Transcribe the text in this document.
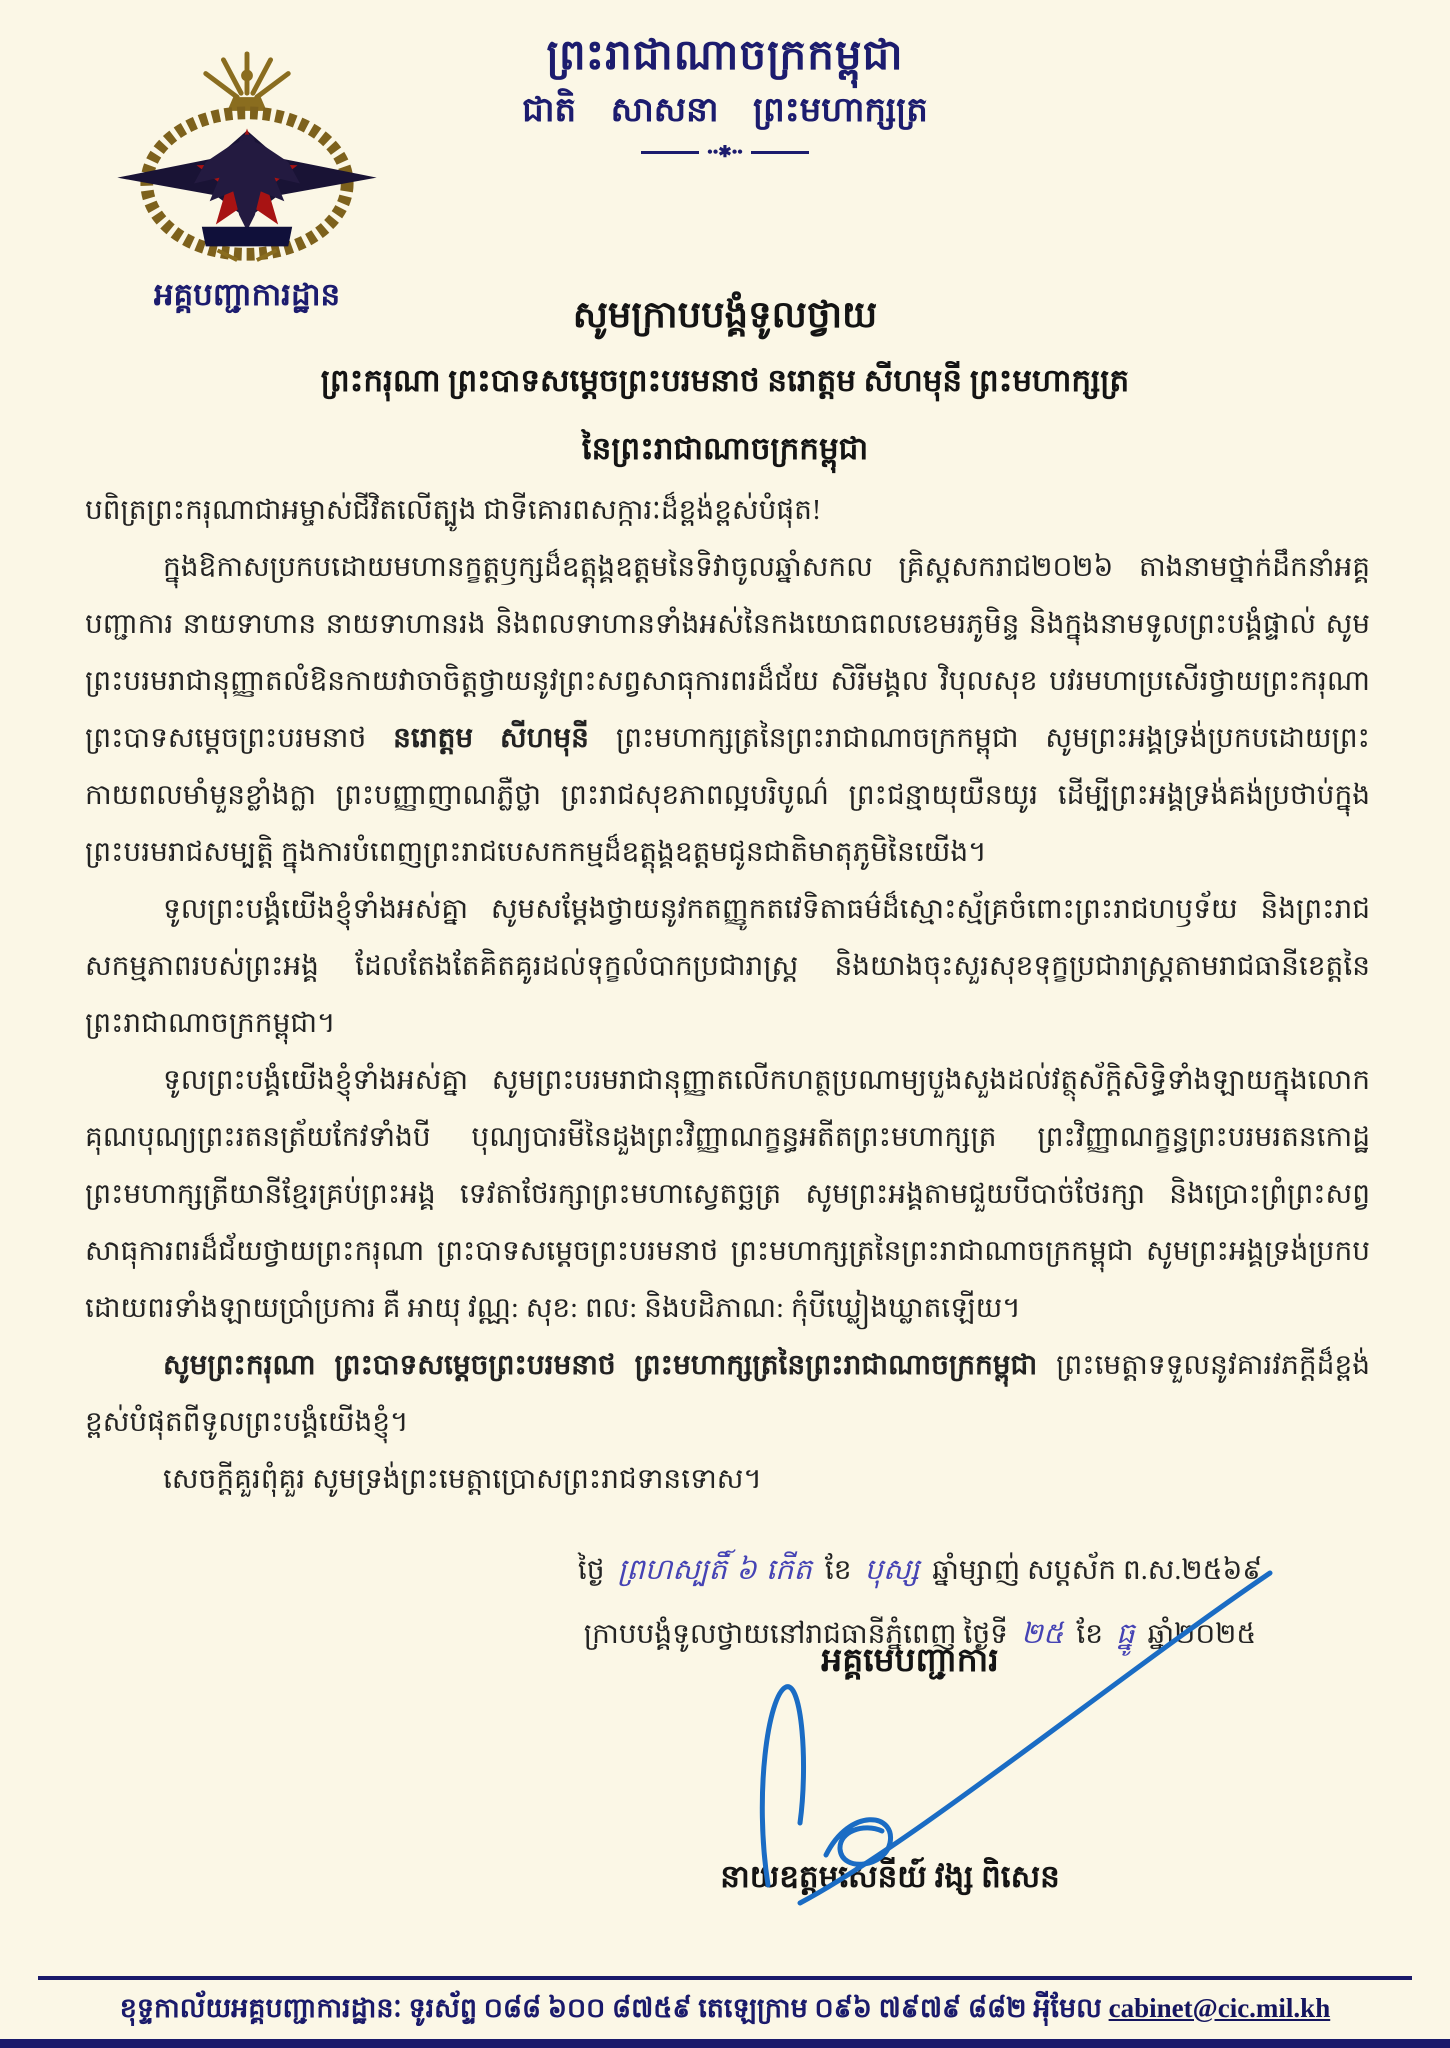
ព្រះរាជាណាចក្រកម្ពុជា
ជាតិ សាសនា ព្រះមហាក្សត្រ
••✱••
អគ្គបញ្ជាការដ្ឋាន
សូមក្រាបបង្គំទូលថ្វាយ
ព្រះករុណា ព្រះបាទសម្តេចព្រះបរមនាថ នរោត្តម សីហមុនី ព្រះមហាក្សត្រ
នៃព្រះរាជាណាចក្រកម្ពុជា
បពិត្រព្រះករុណាជាអម្ចាស់ជីវិតលើត្បូង ជាទីគោរពសក្ការៈដ៏ខ្ពង់ខ្ពស់បំផុត!

ក្នុងឱកាសប្រកបដោយមហានក្ខត្តឫក្សដ៏ឧត្តុង្គឧត្តមនៃទិវាចូលឆ្នាំសកល គ្រិស្តសករាជ២០២៦ តាងនាមថ្នាក់ដឹកនាំអគ្គបញ្ជាការ នាយទាហាន នាយទាហានរង និងពលទាហានទាំងអស់នៃកងយោធពលខេមរភូមិន្ទ និងក្នុងនាមទូលព្រះបង្គំផ្ទាល់ សូមព្រះបរមរាជានុញ្ញាតលំឱនកាយវាចាចិត្តថ្វាយនូវព្រះសព្វសាធុការពរដ៏ជ័យ សិរីមង្គល វិបុលសុខ បវរមហាប្រសើរថ្វាយព្រះករុណា ព្រះបាទសម្តេចព្រះបរមនាថ នរោត្តម សីហមុនី ព្រះមហាក្សត្រនៃព្រះរាជាណាចក្រកម្ពុជា សូមព្រះអង្គទ្រង់ប្រកបដោយព្រះកាយពលមាំមួនខ្លាំងក្លា ព្រះបញ្ញាញាណភ្លឺថ្លា ព្រះរាជសុខភាពល្អបរិបូណ៌ ព្រះជន្មាយុយឺនយូរ ដើម្បីព្រះអង្គទ្រង់គង់ប្រថាប់ក្នុងព្រះបរមរាជសម្បត្តិ ក្នុងការបំពេញព្រះរាជបេសកកម្មដ៏ឧត្តុង្គឧត្តមជូនជាតិមាតុភូមិនៃយើង។

ទូលព្រះបង្គំយើងខ្ញុំទាំងអស់គ្នា សូមសម្តែងថ្វាយនូវកតញ្ញូកតវេទិតាធម៌ដ៏ស្មោះស្ម័គ្រចំពោះព្រះរាជហឫទ័យ និងព្រះរាជសកម្មភាពរបស់ព្រះអង្គ ដែលតែងតែគិតគូរដល់ទុក្ខលំបាកប្រជារាស្ត្រ និងយាងចុះសួរសុខទុក្ខប្រជារាស្ត្រតាមរាជធានីខេត្តនៃព្រះរាជាណាចក្រកម្ពុជា។

ទូលព្រះបង្គំយើងខ្ញុំទាំងអស់គ្នា សូមព្រះបរមរាជានុញ្ញាតលើកហត្ថប្រណាម្យបួងសួងដល់វត្ថុស័ក្តិសិទ្ធិទាំងឡាយក្នុងលោក គុណបុណ្យព្រះរតនត្រ័យកែវទាំងបី បុណ្យបារមីនៃដួងព្រះវិញ្ញាណក្ខន្ធអតីតព្រះមហាក្សត្រ ព្រះវិញ្ញាណក្ខន្ធព្រះបរមរតនកោដ្ឋ ព្រះមហាក្សត្រីយានីខ្មែរគ្រប់ព្រះអង្គ ទេវតាថែរក្សាព្រះមហាស្វេតច្ឆត្រ សូមព្រះអង្គតាមជួយបីបាច់ថែរក្សា និងប្រោះព្រំព្រះសព្វសាធុការពរដ៏ជ័យថ្វាយព្រះករុណា ព្រះបាទសម្តេចព្រះបរមនាថ ព្រះមហាក្សត្រនៃព្រះរាជាណាចក្រកម្ពុជា សូមព្រះអង្គទ្រង់ប្រកបដោយពរទាំងឡាយប្រាំប្រការ គឺ អាយុ វណ្ណ: សុខ: ពល: និងបដិភាណ: កុំបីឃ្លៀងឃ្លាតឡើយ។

សូមព្រះករុណា ព្រះបាទសម្តេចព្រះបរមនាថ ព្រះមហាក្សត្រនៃព្រះរាជាណាចក្រកម្ពុជា ព្រះមេត្តាទទួលនូវគារវភក្តីដ៏ខ្ពង់ខ្ពស់បំផុតពីទូលព្រះបង្គំយើងខ្ញុំ។

សេចក្តីគួរពុំគួរ សូមទ្រង់ព្រះមេត្តាប្រោសព្រះរាជទានទោស។

ថ្ងៃ ព្រហស្បតិ៍ ៦ កើត ខែ បុស្ស ឆ្នាំម្សាញ់ សប្តស័ក ព.ស.២៥៦៩
ក្រាបបង្គំទូលថ្វាយនៅរាជធានីភ្នំពេញ ថ្ងៃទី ២៥ ខែ ធ្នូ ឆ្នាំ២០២៥
អគ្គមេបញ្ជាការ
នាយឧត្តមសេនីយ៍ វង្ស ពិសេន
ខុទ្ទកាល័យអគ្គបញ្ជាការដ្ឋានៈ ទូរស័ព្ទ ០៨៨ ៦០០ ៨៧៥៩ តេឡេក្រាម ០៩៦ ៧៩៧៩ ៨៨២ អុីមែល cabinet@cic.mil.kh
